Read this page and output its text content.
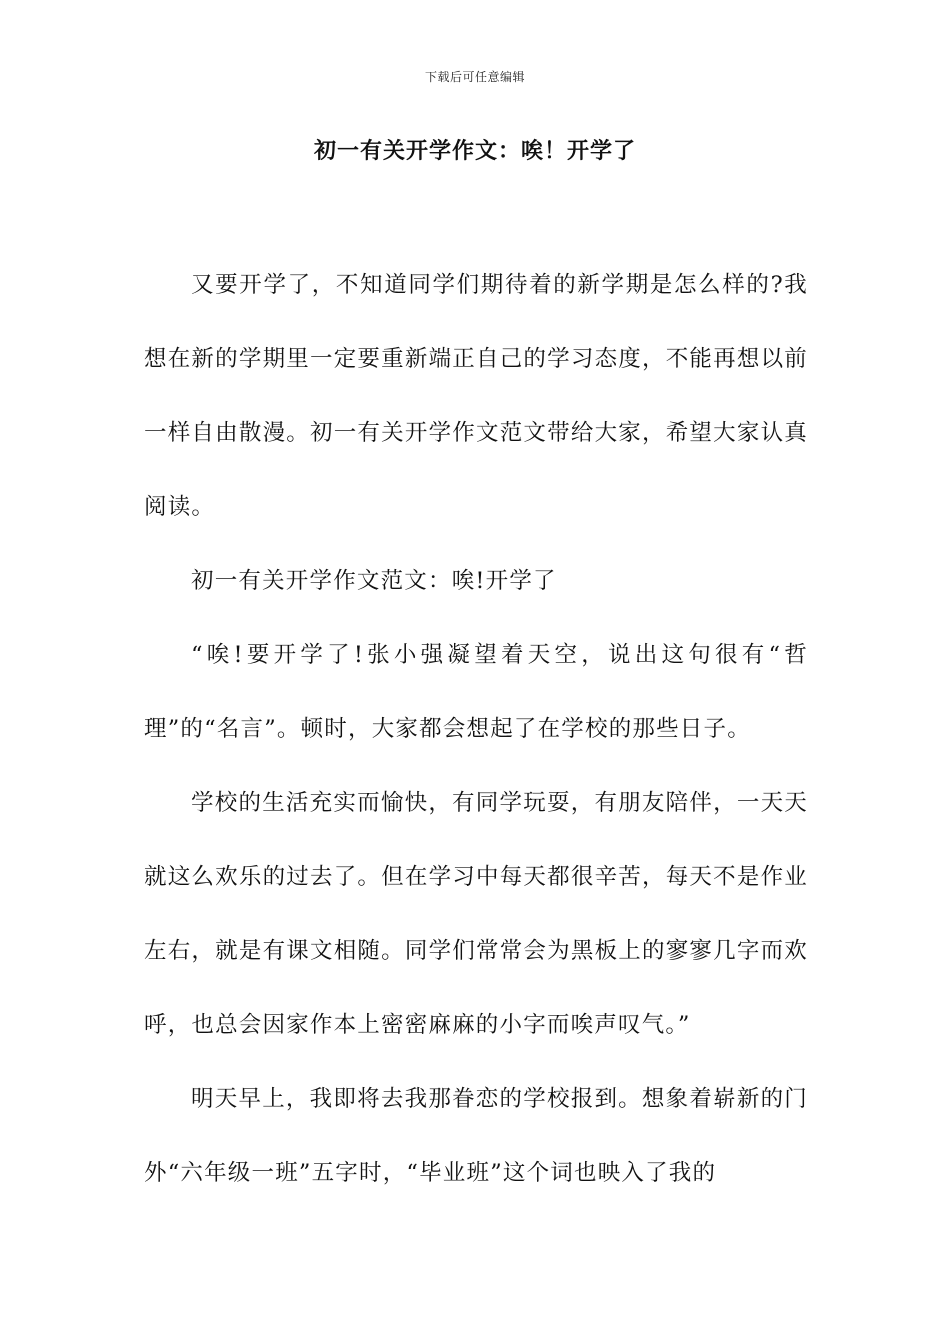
下载后可任意编辑
初一有关开学作文：唉！开学了

又要开学了，不知道同学们期待着的新学期是怎么样的?我想在新的学期里一定要重新端正自己的学习态度，不能再想以前一样自由散漫。初一有关开学作文范文带给大家，希望大家认真阅读。

初一有关开学作文范文：唉!开学了

“唉!要开学了!张小强凝望着天空，说出这句很有“哲理”的“名言”。顿时，大家都会想起了在学校的那些日子。

学校的生活充实而愉快，有同学玩耍，有朋友陪伴，一天天就这么欢乐的过去了。但在学习中每天都很辛苦，每天不是作业左右，就是有课文相随。同学们常常会为黑板上的寥寥几字而欢呼，也总会因家作本上密密麻麻的小字而唉声叹气。”

明天早上，我即将去我那眷恋的学校报到。想象着崭新的门外“六年级一班”五字时，“毕业班”这个词也映入了我的
